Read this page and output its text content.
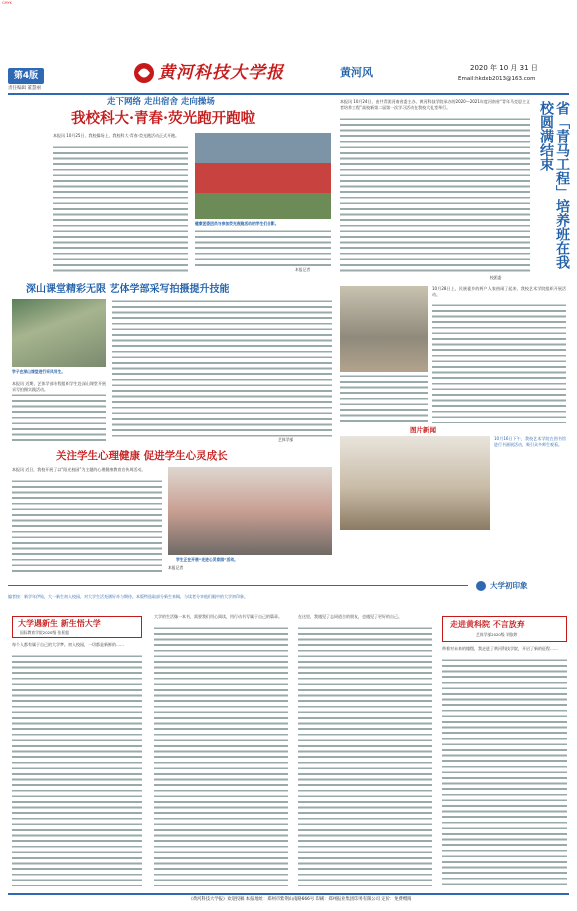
CMYK
第4版
责任编辑 董慧丽
黄河科技大学报	黄河风	2020 年 10 月 31 日
Email:hkdxb2013@163.com
走下网络 走出宿舍 走向操场
我校科大·青春·荧光跑开跑啦
本报讯 10月25日，我校操场上，我校科大·青春·荧光跑活动正式开跑。
健康团委团员与参加荧光夜跑活动的学生们合影。
本报记者
本报讯 10月24日，由共青团河南省委主办、黄河科技学院承办的2020—2021年度河南省“青年马克思主义者培养工程”高校新第二届第一次学习活动在我校大礼堂举行。	省「青马工程」培养班在我校圆满结束
校团委
深山课堂精彩无限 艺体学部采写拍摄提升技能
学子在深山课堂进行采风写生。
本报讯 近期，艺体学部专程组织学生赴深山课堂开展采写拍摄实践活动。
艺体学部
10月28日上，民族霍乡的两户人家热闹了起来，我校艺术学院组织开展活动。
图片新闻
10月16日下午，我校艺术学院在图书馆进行书画展活动，吸引众多师生观看。
关注学生心理健康 促进学生心灵成长
本报讯 近日，我校开展了以“阳光校园”为主题的心理健康教育宣传周活动。
学生正在开展“走进心灵家园”活动。
本报记者
大学初印象
编者按：新学年伊始，大一新生初入校园，对大学生活充满好奇与期待。本版特选取部分新生来稿，与读者分享他们眼中的大学初印象。
大学遇新生 新生悟大学
国际教育学院2020级 张景超
每个人都有属于自己的大学梦。初入校园，一切都是新鲜的……
大学的生活像一本书，需要我们用心阅读，用行动书写属于自己的篇章。	在这里，我遇见了志同道合的朋友，也遇见了更好的自己。
走进黄科院 不言放弃
艺体学部2020级 刘依婷
带着对未来的憧憬，我走进了黄河科技学院，开启了新的征程……
《黄河科技大学报》欢迎投稿 本报地址：郑州市紫荆山南路666号 印刷：郑州报业集团印务有限公司 定价：免费赠阅
